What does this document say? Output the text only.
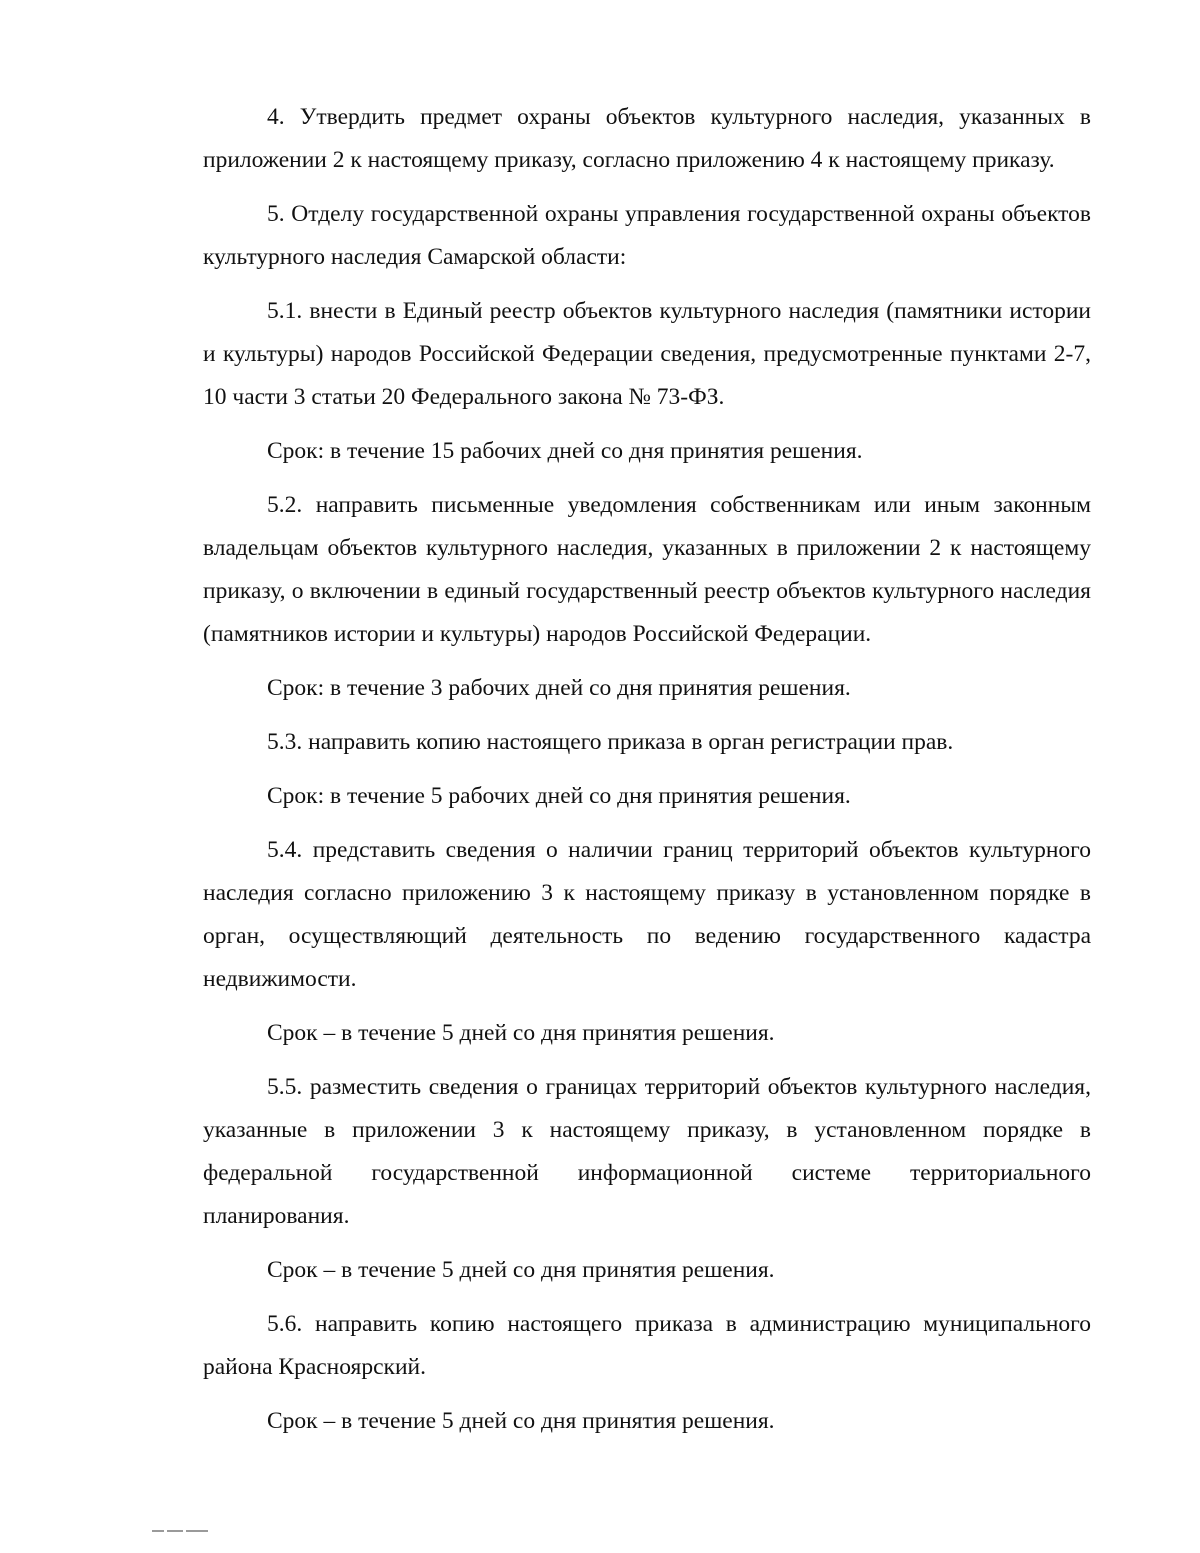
4. Утвердить предмет охраны объектов культурного наследия, указанных в приложении 2 к настоящему приказу, согласно приложению 4 к настоящему приказу.

5. Отделу государственной охраны управления государственной охраны объектов культурного наследия Самарской области:

5.1. внести в Единый реестр объектов культурного наследия (памятники истории и культуры) народов Российской Федерации сведения, предусмотренные пунктами 2-7, 10 части 3 статьи 20 Федерального закона № 73-ФЗ.

Срок: в течение 15 рабочих дней со дня принятия решения.

5.2. направить письменные уведомления собственникам или иным законным владельцам объектов культурного наследия, указанных в приложении 2 к настоящему приказу, о включении в единый государственный реестр объектов культурного наследия (памятников истории и культуры) народов Российской Федерации.

Срок: в течение 3 рабочих дней со дня принятия решения.

5.3. направить копию настоящего приказа в орган регистрации прав.

Срок: в течение 5 рабочих дней со дня принятия решения.

5.4. представить сведения о наличии границ территорий объектов культурного наследия согласно приложению 3 к настоящему приказу в установленном порядке в орган, осуществляющий деятельность по ведению государственного кадастра недвижимости.

Срок – в течение 5 дней со дня принятия решения.

5.5. разместить сведения о границах территорий объектов культурного наследия, указанные в приложении 3 к настоящему приказу, в установленном порядке в федеральной государственной информационной системе территориального планирования.

Срок – в течение 5 дней со дня принятия решения.

5.6. направить копию настоящего приказа в администрацию муниципального района Красноярский.

Срок – в течение 5 дней со дня принятия решения.
